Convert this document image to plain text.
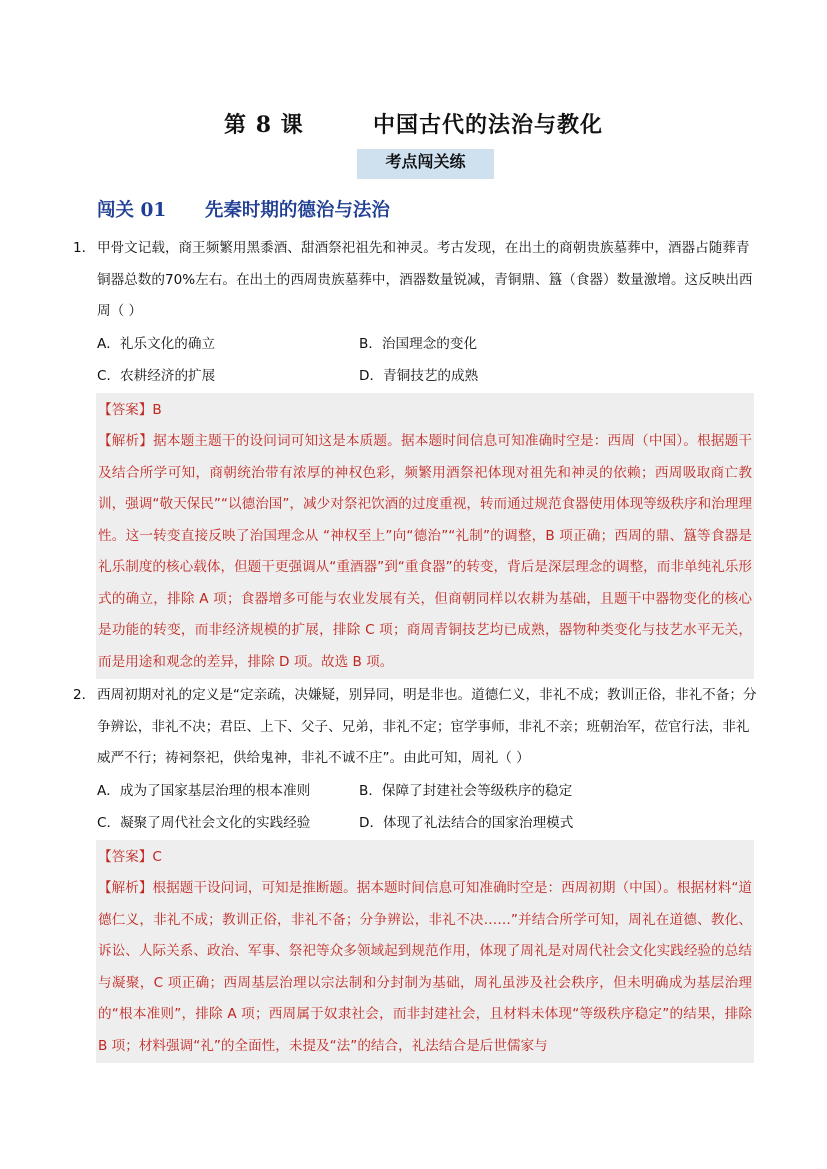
第 8 课        中国古代的法治与教化
考点闯关练
闯关 01      先秦时期的德治与法治
1． 甲骨文记载，商王频繁用黑黍酒、甜酒祭祀祖先和神灵。考古发现，在出土的商朝贵族墓葬中，酒器占随葬青铜器总数的70%左右。在出土的西周贵族墓葬中，酒器数量锐减，青铜鼎、簋（食器）数量激增。这反映出西周（ ）
A．礼乐文化的确立	B．治国理念的变化
C．农耕经济的扩展	D．青铜技艺的成熟
【答案】B
【解析】据本题主题干的设问词可知这是本质题。据本题时间信息可知准确时空是：西周（中国）。根据题干及结合所学可知，商朝统治带有浓厚的神权色彩，频繁用酒祭祀体现对祖先和神灵的依赖；西周吸取商亡教训，强调“敬天保民”“以德治国”，减少对祭祀饮酒的过度重视，转而通过规范食器使用体现等级秩序和治理理性。这一转变直接反映了治国理念从 “神权至上”向“德治”“礼制”的调整，B 项正确；西周的鼎、簋等食器是礼乐制度的核心载体，但题干更强调从“重酒器”到“重食器”的转变，背后是深层理念的调整，而非单纯礼乐形式的确立，排除 A 项；食器增多可能与农业发展有关，但商朝同样以农耕为基础，且题干中器物变化的核心是功能的转变，而非经济规模的扩展，排除 C 项；商周青铜技艺均已成熟，器物种类变化与技艺水平无关，而是用途和观念的差异，排除 D 项。故选 B 项。
2． 西周初期对礼的定义是“定亲疏，决嫌疑，别异同，明是非也。道德仁义，非礼不成；教训正俗，非礼不备；分争辨讼，非礼不决；君臣、上下、父子、兄弟，非礼不定；宦学事师，非礼不亲；班朝治军，莅官行法，非礼威严不行；祷祠祭祀，供给鬼神，非礼不诚不庄”。由此可知，周礼（ ）
A．成为了国家基层治理的根本准则	B．保障了封建社会等级秩序的稳定
C．凝聚了周代社会文化的实践经验	D．体现了礼法结合的国家治理模式
【答案】C
【解析】根据题干设问词，可知是推断题。据本题时间信息可知准确时空是：西周初期（中国）。根据材料“道德仁义，非礼不成；教训正俗，非礼不备；分争辨讼，非礼不决……”并结合所学可知，周礼在道德、教化、诉讼、人际关系、政治、军事、祭祀等众多领域起到规范作用，体现了周礼是对周代社会文化实践经验的总结与凝聚，C 项正确；西周基层治理以宗法制和分封制为基础，周礼虽涉及社会秩序，但未明确成为基层治理的“根本准则”，排除 A 项；西周属于奴隶社会，而非封建社会，且材料未体现“等级秩序稳定”的结果，排除 B 项；材料强调“礼”的全面性，未提及“法”的结合，礼法结合是后世儒家与
